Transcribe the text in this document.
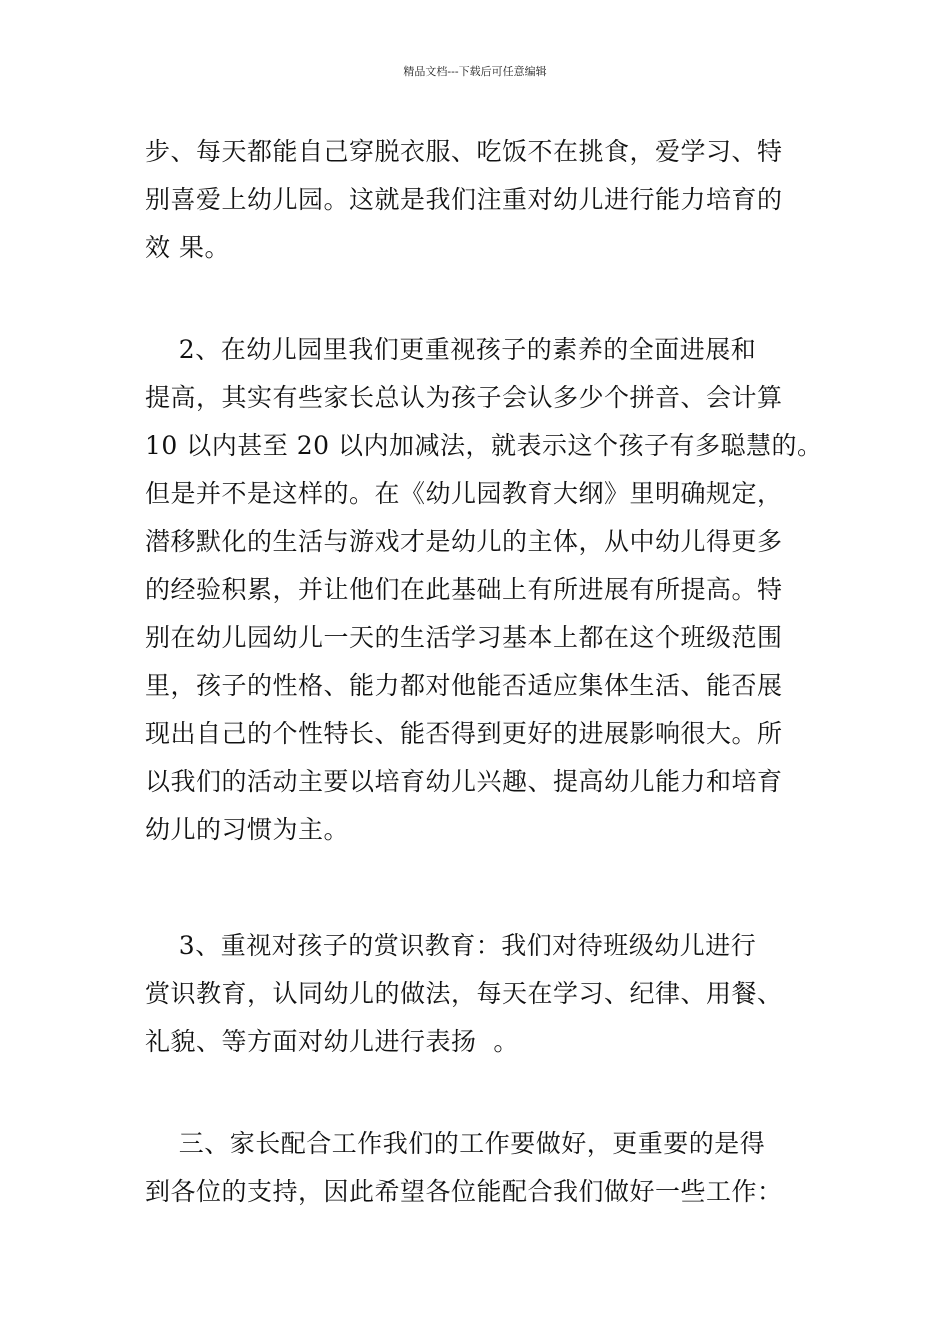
精品文档---下载后可任意编辑
步、每天都能自己穿脱衣服、吃饭不在挑食，爱学习、特
别喜爱上幼儿园。这就是我们注重对幼儿进行能力培育的
效 果。
2、在幼儿园里我们更重视孩子的素养的全面进展和
提高，其实有些家长总认为孩子会认多少个拼音、会计算
10 以内甚至 20 以内加减法，就表示这个孩子有多聪慧的。
但是并不是这样的。在《幼儿园教育大纲》里明确规定，
潜移默化的生活与游戏才是幼儿的主体，从中幼儿得更多
的经验积累，并让他们在此基础上有所进展有所提高。特
别在幼儿园幼儿一天的生活学习基本上都在这个班级范围
里，孩子的性格、能力都对他能否适应集体生活、能否展
现出自己的个性特长、能否得到更好的进展影响很大。所
以我们的活动主要以培育幼儿兴趣、提高幼儿能力和培育
幼儿的习惯为主。
3、重视对孩子的赏识教育：我们对待班级幼儿进行
赏识教育，认同幼儿的做法，每天在学习、纪律、用餐、
礼貌、等方面对幼儿进行表扬  。
三、家长配合工作我们的工作要做好，更重要的是得
到各位的支持，因此希望各位能配合我们做好一些工作：
